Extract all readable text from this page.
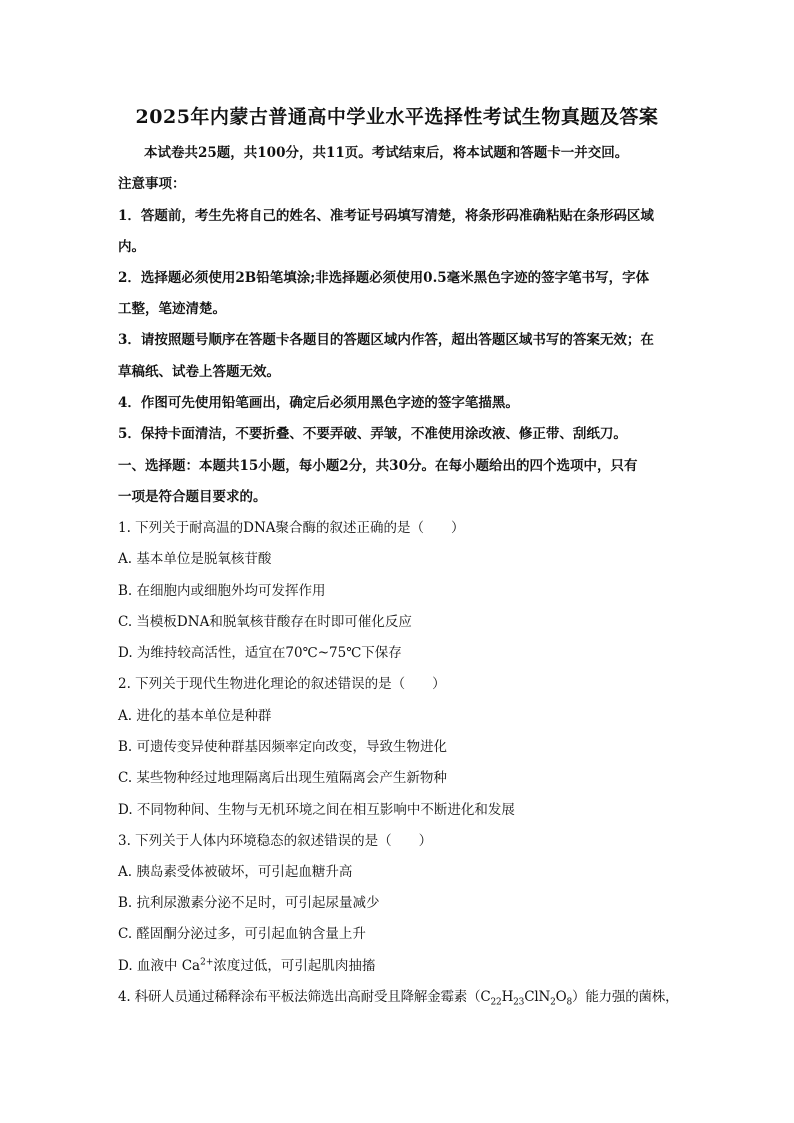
2025年内蒙古普通高中学业水平选择性考试生物真题及答案
本试卷共25题，共100分，共11页。考试结束后，将本试题和答题卡一并交回。
注意事项：
1．答题前，考生先将自己的姓名、准考证号码填写清楚，将条形码准确粘贴在条形码区域
内。
2．选择题必须使用2B铅笔填涂;非选择题必须使用0.5毫米黑色字迹的签字笔书写，字体
工整，笔迹清楚。
3．请按照题号顺序在答题卡各题目的答题区域内作答，超出答题区域书写的答案无效；在
草稿纸、试卷上答题无效。
4．作图可先使用铅笔画出，确定后必须用黑色字迹的签字笔描黑。
5．保持卡面清洁，不要折叠、不要弄破、弄皱，不准使用涂改液、修正带、刮纸刀。
一、选择题：本题共15小题，每小题2分，共30分。在每小题给出的四个选项中，只有
一项是符合题目要求的。
1. 下列关于耐高温的DNA聚合酶的叙述正确的是（　　）
A. 基本单位是脱氧核苷酸
B. 在细胞内或细胞外均可发挥作用
C. 当模板DNA和脱氧核苷酸存在时即可催化反应
D. 为维持较高活性，适宜在70℃~75℃下保存
2. 下列关于现代生物进化理论的叙述错误的是（　　）
A. 进化的基本单位是种群
B. 可遗传变异使种群基因频率定向改变，导致生物进化
C. 某些物种经过地理隔离后出现生殖隔离会产生新物种
D. 不同物种间、生物与无机环境之间在相互影响中不断进化和发展
3. 下列关于人体内环境稳态的叙述错误的是（　　）
A. 胰岛素受体被破坏，可引起血糖升高
B. 抗利尿激素分泌不足时，可引起尿量减少
C. 醛固酮分泌过多，可引起血钠含量上升
D. 血液中 $Ca^{2+}$浓度过低，可引起肌肉抽搐
4. 科研人员通过稀释涂布平板法筛选出高耐受且降解金霉素$(C_{22}H_{23}ClN_2O_8)$能力强的菌株，
